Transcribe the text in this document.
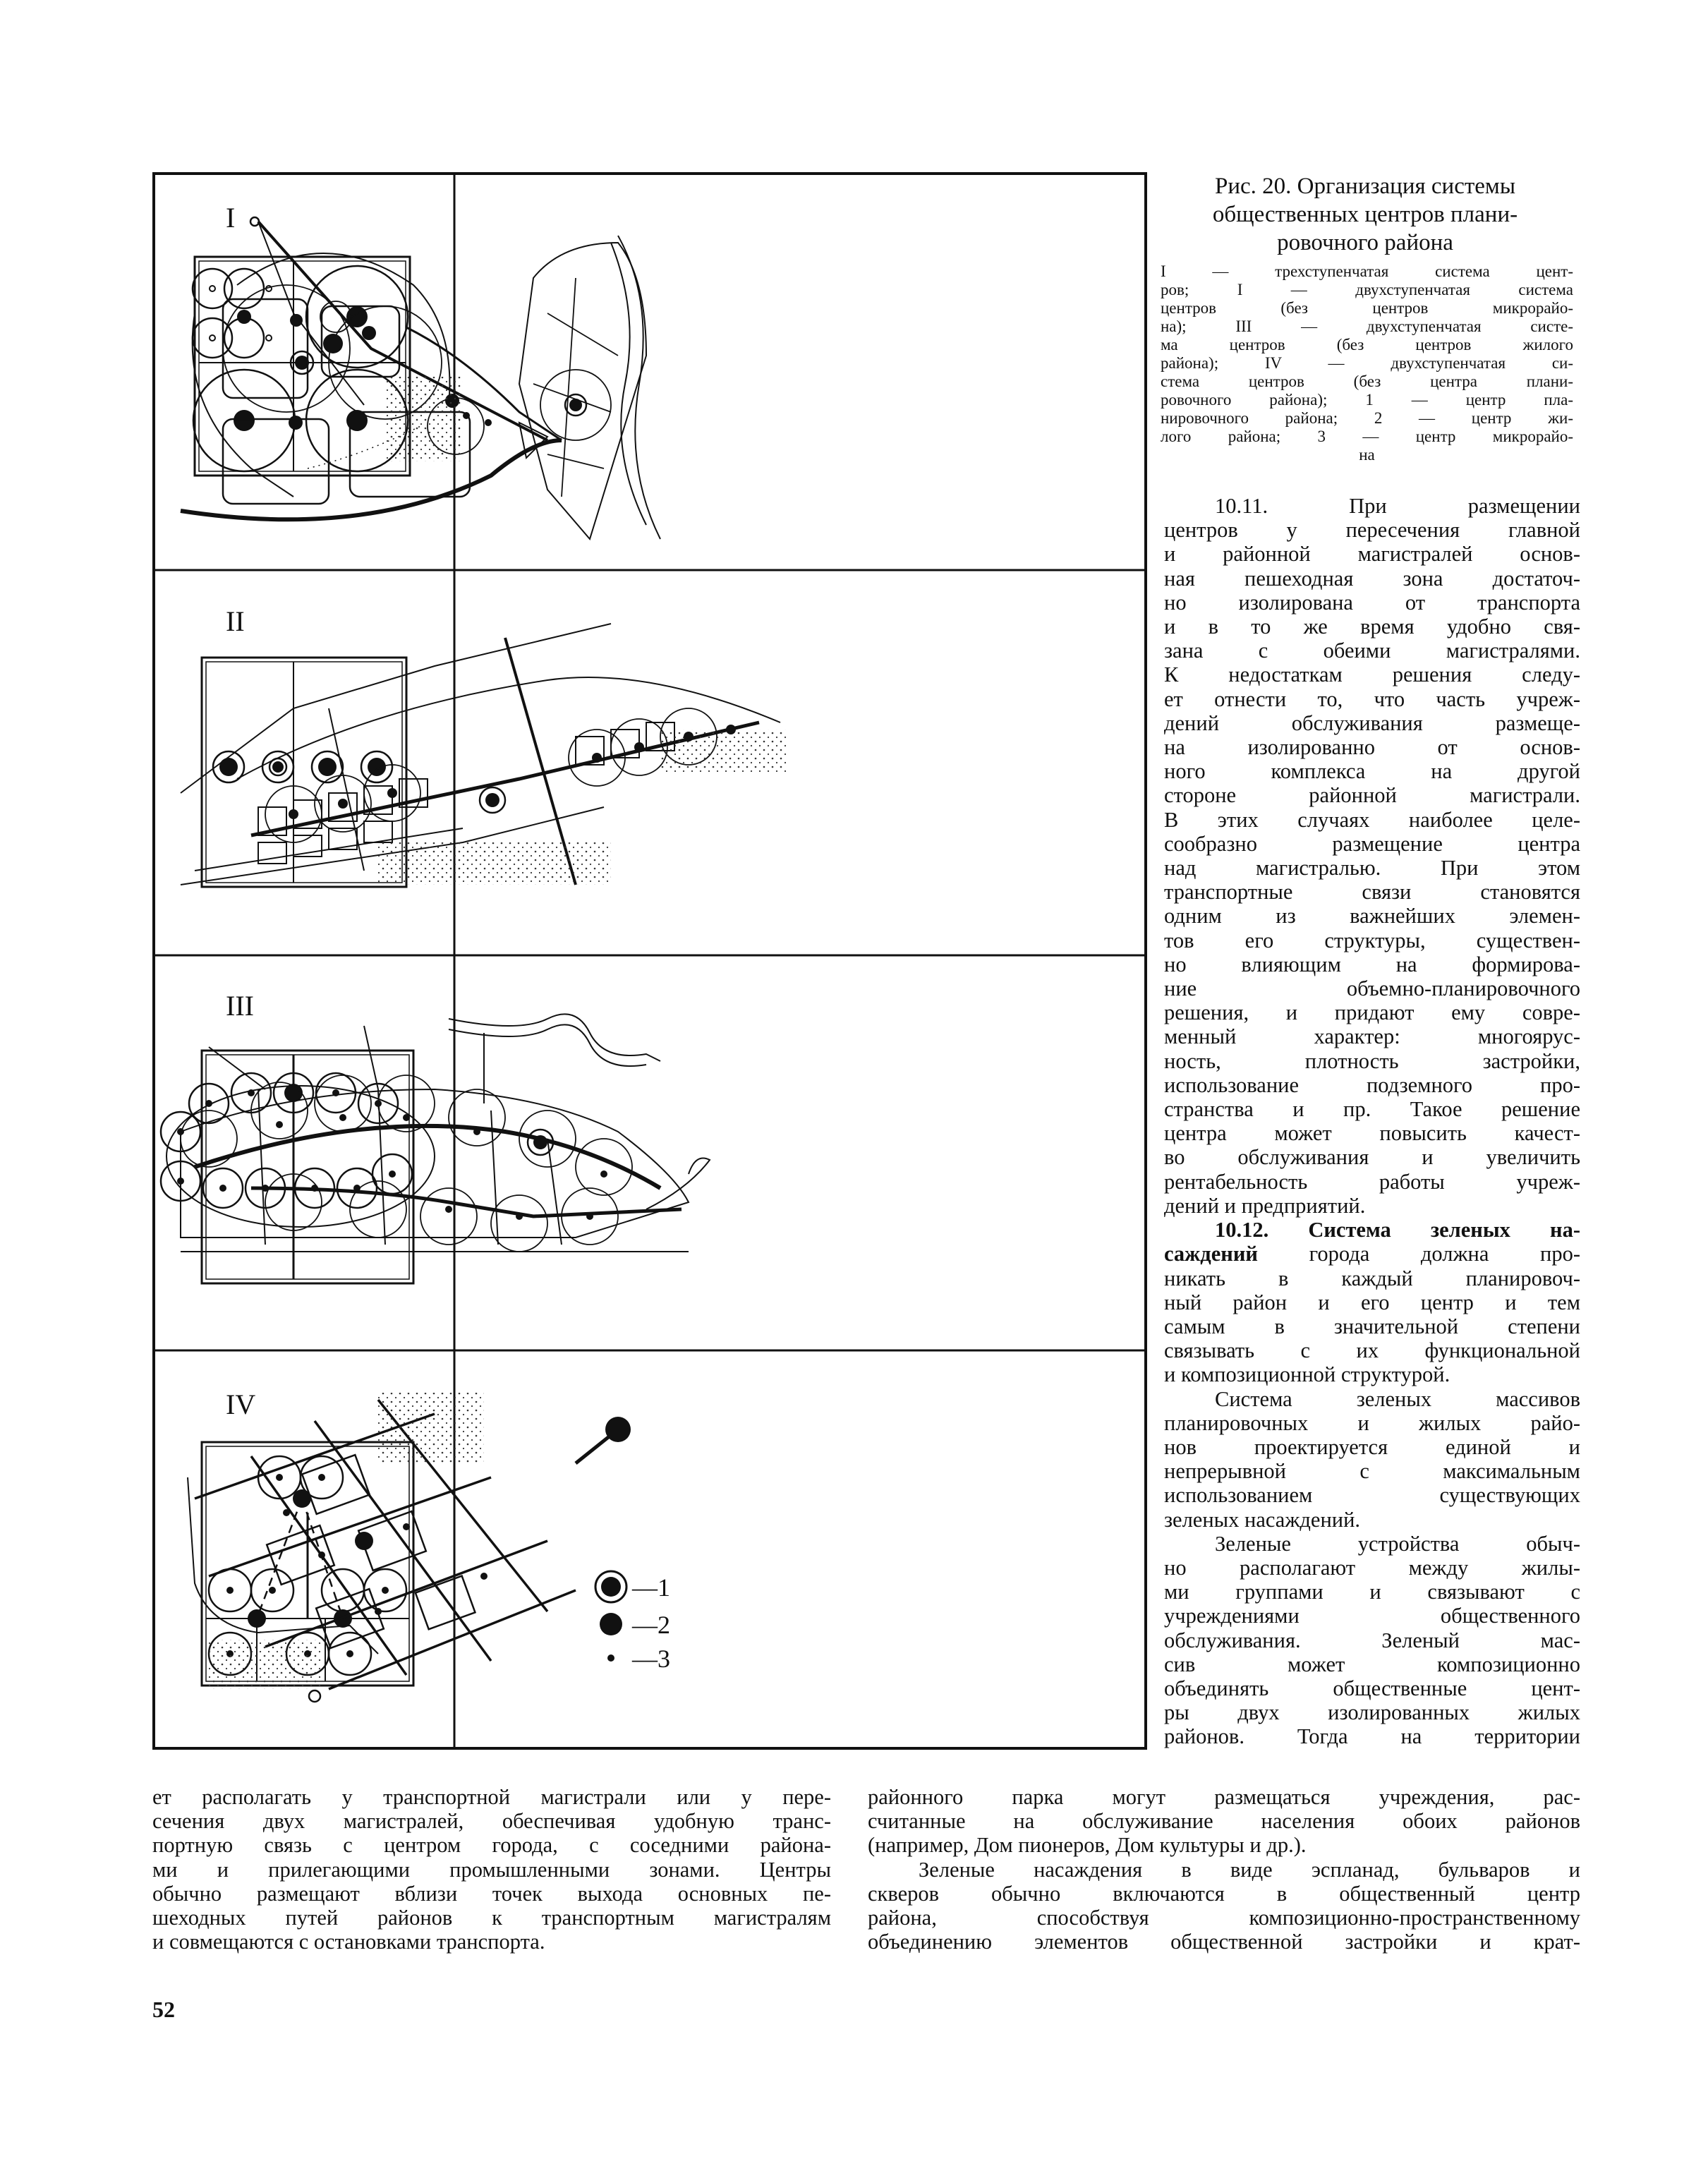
I
II
III
IV
—1
—2
—3
Рис. 20. Организация системы
общественных центров плани-
ровочного района
I — трехступенчатая система цент-
ров; I — двухступенчатая система
центров (без центров микрорайо-
на); III — двухступенчатая систе-
ма центров (без центров жилого
района); IV — двухступенчатая си-
стема центров (без центра плани-
ровочного района); 1 — центр пла-
нировочного района; 2 — центр жи-
лого района; 3 — центр микрорайо-
на
10.11. При размещении
центров у пересечения главной
и районной магистралей основ-
ная пешеходная зона достаточ-
но изолирована от транспорта
и в то же время удобно свя-
зана с обеими магистралями.
К недостаткам решения следу-
ет отнести то, что часть учреж-
дений обслуживания размеще-
на изолированно от основ-
ного комплекса на другой
стороне районной магистрали.
В этих случаях наиболее целе-
сообразно размещение центра
над магистралью. При этом
транспортные связи становятся
одним из важнейших элемен-
тов его структуры, существен-
но влияющим на формирова-
ние объемно-планировочного
решения, и придают ему совре-
менный характер: многоярус-
ность, плотность застройки,
использование подземного про-
странства и пр. Такое решение
центра может повысить качест-
во обслуживания и увеличить
рентабельность работы учреж-
дений и предприятий.
10.12. Система зеленых на-
саждений города должна про-
никать в каждый планировоч-
ный район и его центр и тем
самым в значительной степени
связывать с их функциональной
и композиционной структурой.
Система зеленых массивов
планировочных и жилых райо-
нов проектируется единой и
непрерывной с максимальным
использованием существующих
зеленых насаждений.
Зеленые устройства обыч-
но располагают между жилы-
ми группами и связывают с
учреждениями общественного
обслуживания. Зеленый мас-
сив может композиционно
объединять общественные цент-
ры двух изолированных жилых
районов. Тогда на территории
районного парка могут размещаться учреждения, рас-
считанные на обслуживание населения обоих районов
(например, Дом пионеров, Дом культуры и др.).
Зеленые насаждения в виде эспланад, бульваров и
скверов обычно включаются в общественный центр
района, способствуя композиционно-пространственному
объединению элементов общественной застройки и крат-
ет располагать у транспортной магистрали или у пере-
сечения двух магистралей, обеспечивая удобную транс-
портную связь с центром города, с соседними района-
ми и прилегающими промышленными зонами. Центры
обычно размещают вблизи точек выхода основных пе-
шеходных путей районов к транспортным магистралям
и совмещаются с остановками транспорта.
52
